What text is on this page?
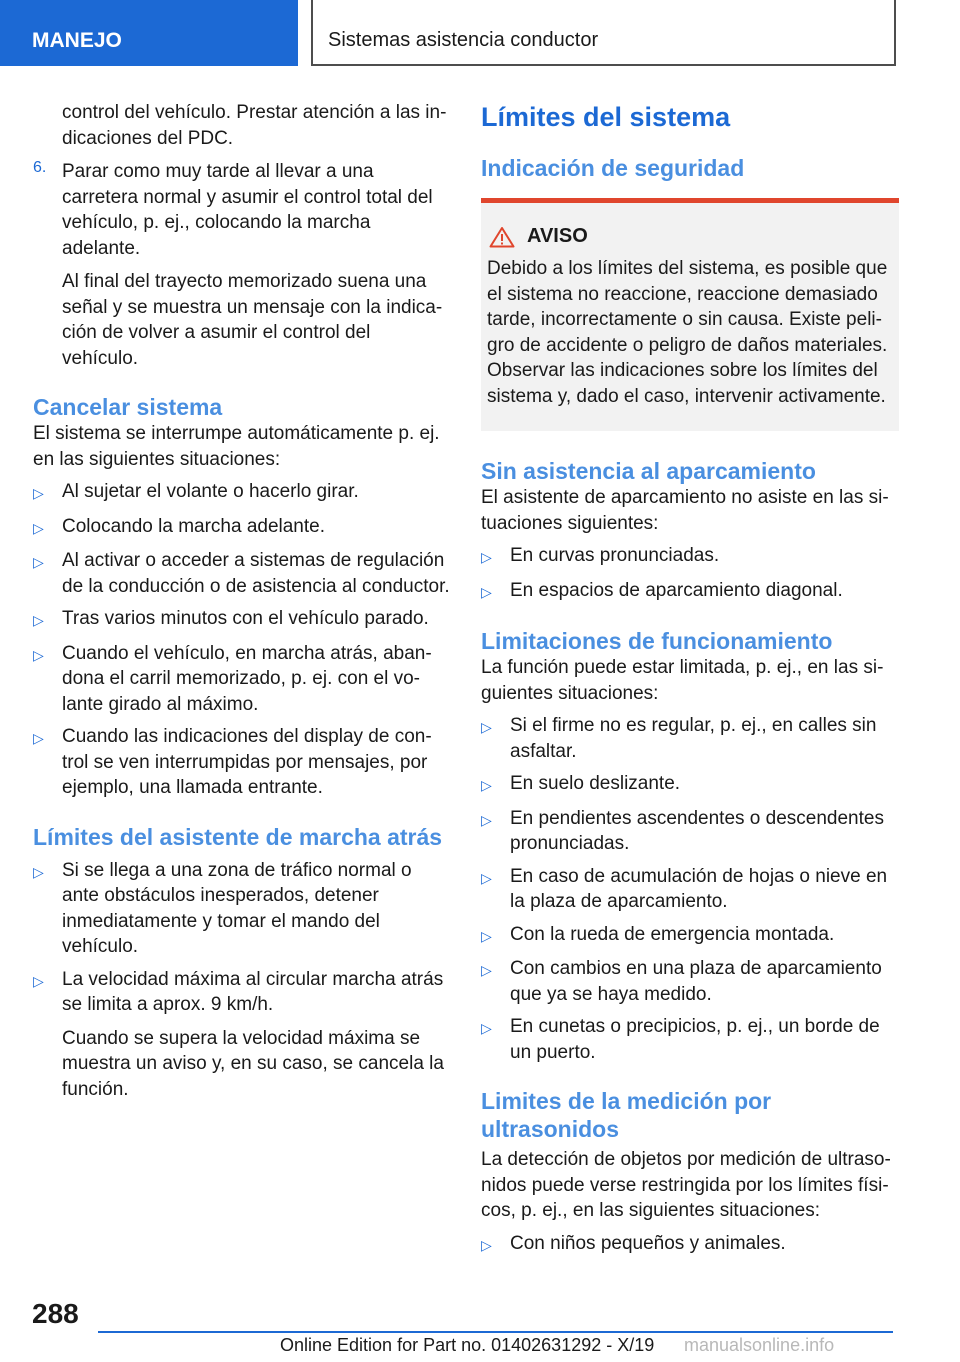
MANEJO	Sistemas asistencia conductor

control del vehículo. Prestar atención a las indicaciones del PDC.

6. Parar como muy tarde al llevar a una carretera normal y asumir el control total del vehículo, p. ej., colocando la marcha adelante.

Al final del trayecto memorizado suena una señal y se muestra un mensaje con la indicación de volver a asumir el control del vehículo.

Cancelar sistema

El sistema se interrumpe automáticamente p. ej. en las siguientes situaciones:

▷ Al sujetar el volante o hacerlo girar.
▷ Colocando la marcha adelante.
▷ Al activar o acceder a sistemas de regulación de la conducción o de asistencia al conductor.
▷ Tras varios minutos con el vehículo parado.
▷ Cuando el vehículo, en marcha atrás, abandona el carril memorizado, p. ej. con el volante girado al máximo.
▷ Cuando las indicaciones del display de control se ven interrumpidas por mensajes, por ejemplo, una llamada entrante.
Límites del asistente de marcha atrás
▷ Si se llega a una zona de tráfico normal o ante obstáculos inesperados, detener inmediatamente y tomar el mando del vehículo.
▷ La velocidad máxima al circular marcha atrás se limita a aprox. 9 km/h.

Cuando se supera la velocidad máxima se muestra un aviso y, en su caso, se cancela la función.

Límites del sistema
Indicación de seguridad
AVISO

Debido a los límites del sistema, es posible que el sistema no reaccione, reaccione demasiado tarde, incorrectamente o sin causa. Existe peligro de accidente o peligro de daños materiales. Observar las indicaciones sobre los límites del sistema y, dado el caso, intervenir activamente.

Sin asistencia al aparcamiento

El asistente de aparcamiento no asiste en las situaciones siguientes:

▷ En curvas pronunciadas.
▷ En espacios de aparcamiento diagonal.
Limitaciones de funcionamiento

La función puede estar limitada, p. ej., en las siguientes situaciones:

▷ Si el firme no es regular, p. ej., en calles sin asfaltar.
▷ En suelo deslizante.
▷ En pendientes ascendentes o descendentes pronunciadas.
▷ En caso de acumulación de hojas o nieve en la plaza de aparcamiento.
▷ Con la rueda de emergencia montada.
▷ Con cambios en una plaza de aparcamiento que ya se haya medido.
▷ En cunetas o precipicios, p. ej., un borde de un puerto.
Limites de la medición por ultrasonidos

La detección de objetos por medición de ultrasonidos puede verse restringida por los límites físicos, p. ej., en las siguientes situaciones:

▷ Con niños pequeños y animales.
288
Online Edition for Part no. 01402631292 - X/19 manualsonline.info
